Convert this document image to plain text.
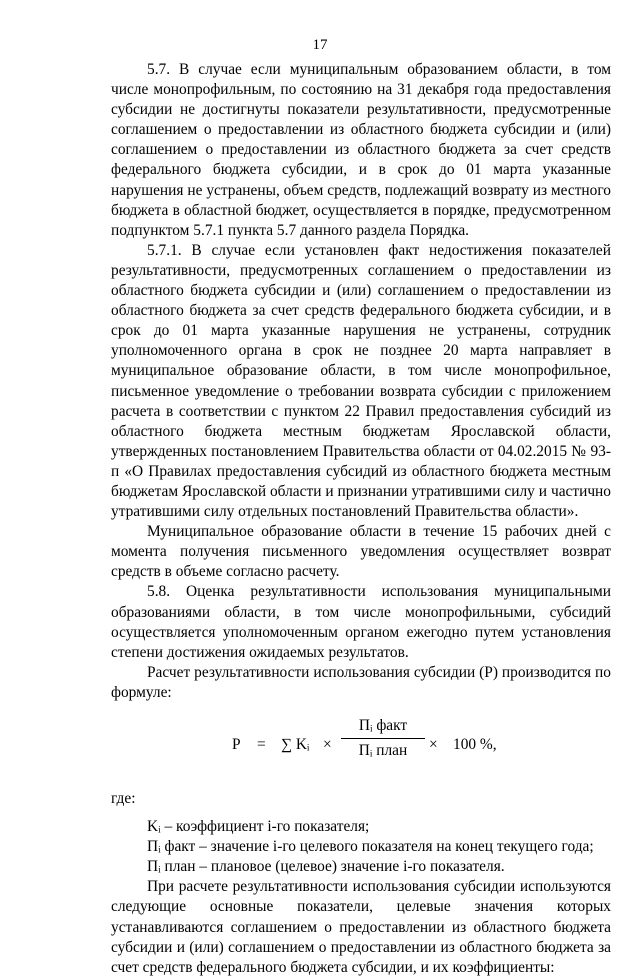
17

5.7. В случае если муниципальным образованием области, в том числе монопрофильным, по состоянию на 31 декабря года предоставления субсидии не достигнуты показатели результативности, предусмотренные соглашением о предоставлении из областного бюджета субсидии и (или) соглашением о предоставлении из областного бюджета за счет средств федерального бюджета субсидии, и в срок до 01 марта указанные нарушения не устранены, объем средств, подлежащий возврату из местного бюджета в областной бюджет, осуществляется в порядке, предусмотренном подпунктом 5.7.1 пункта 5.7 данного раздела Порядка.

5.7.1. В случае если установлен факт недостижения показателей результативности, предусмотренных соглашением о предоставлении из областного бюджета субсидии и (или) соглашением о предоставлении из областного бюджета за счет средств федерального бюджета субсидии, и в срок до 01 марта указанные нарушения не устранены, сотрудник уполномоченного органа в срок не позднее 20 марта направляет в муниципальное образование области, в том числе монопрофильное, письменное уведомление о требовании возврата субсидии с приложением расчета в соответствии с пунктом 22 Правил предоставления субсидий из областного бюджета местным бюджетам Ярославской области, утвержденных постановлением Правительства области от 04.02.2015 № 93-п «О Правилах предоставления субсидий из областного бюджета местным бюджетам Ярославской области и признании утратившими силу и частично утратившими силу отдельных постановлений Правительства области».

Муниципальное образование области в течение 15 рабочих дней с момента получения письменного уведомления осуществляет возврат средств в объеме согласно расчету.

5.8. Оценка результативности использования муниципальными образованиями области, в том числе монопрофильными, субсидий осуществляется уполномоченным органом ежегодно путем установления степени достижения ожидаемых результатов.

Расчет результативности использования субсидии (Р) производится по формуле:

Р = ∑ Kᵢ ×
Пᵢ факт
Пᵢ план	× 100 %,

где:

Kᵢ – коэффициент i-го показателя;

Пᵢ факт – значение i-го целевого показателя на конец текущего года;

Пᵢ план – плановое (целевое) значение i-го показателя.

При расчете результативности использования субсидии используются следующие основные показатели, целевые значения которых устанавливаются соглашением о предоставлении из областного бюджета субсидии и (или) соглашением о предоставлении из областного бюджета за счет средств федерального бюджета субсидии, и их коэффициенты:
